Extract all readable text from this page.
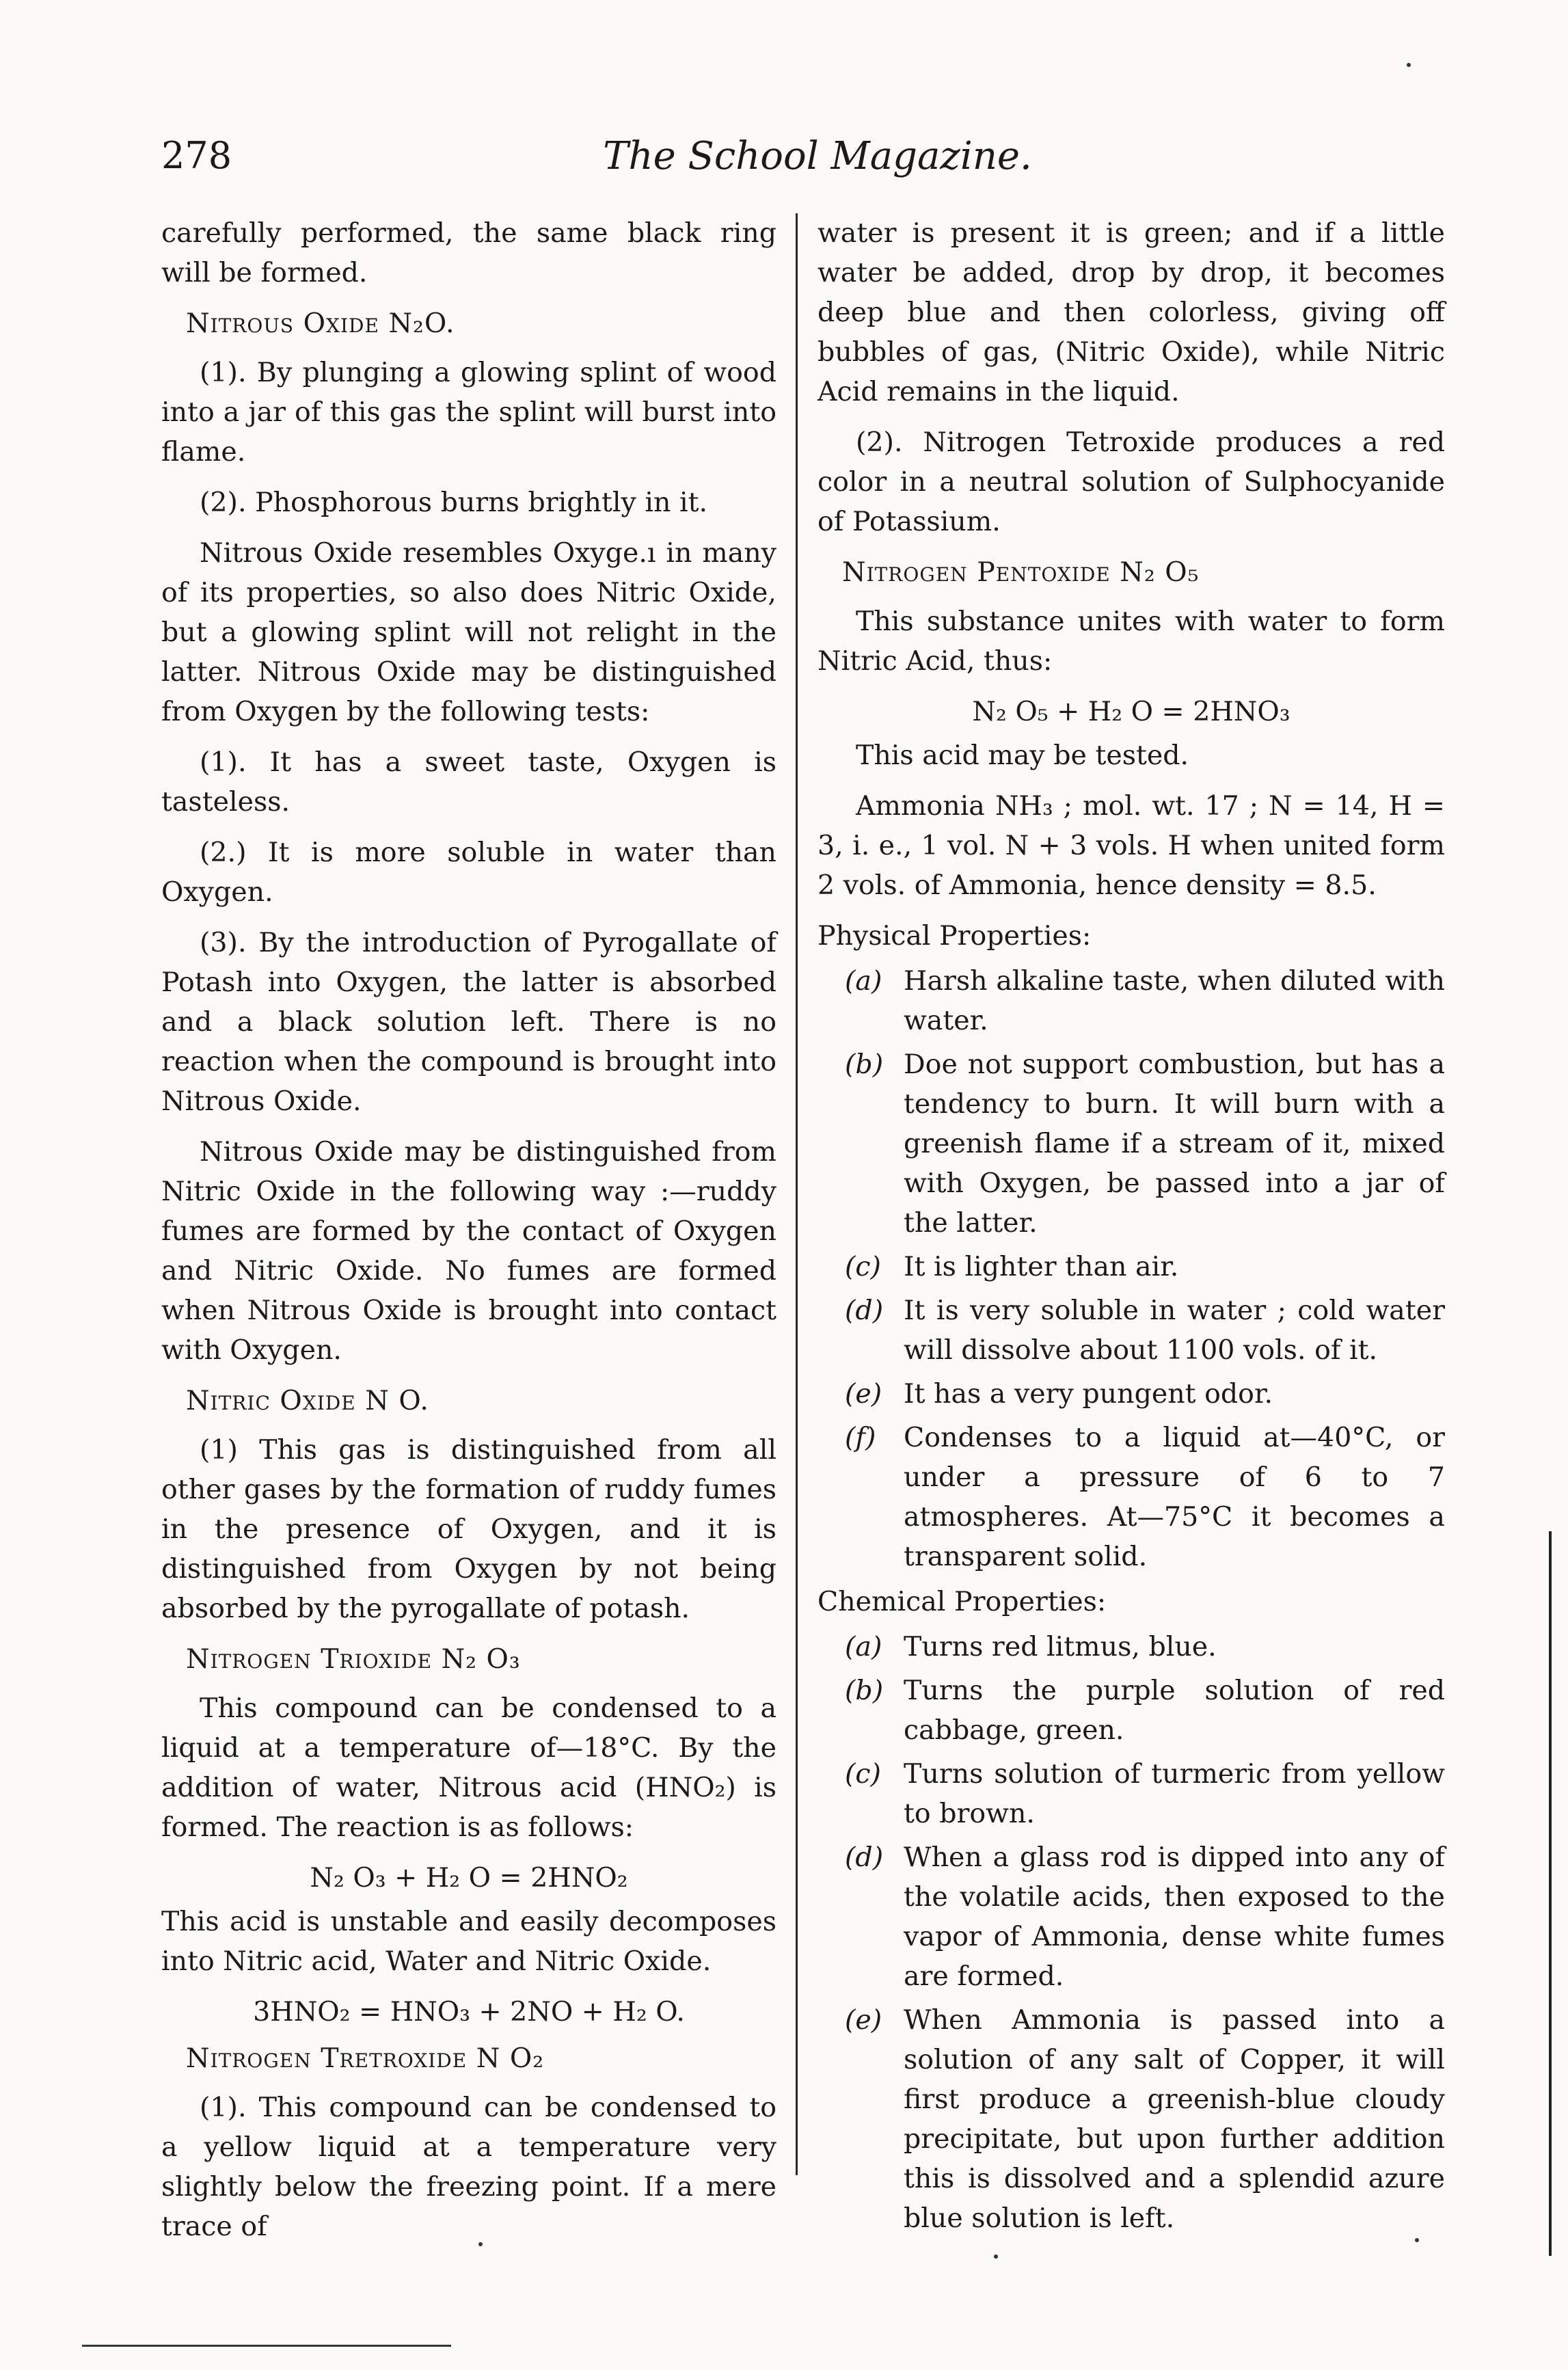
278	The School Magazine.

carefully performed, the same black ring will be formed.

Nitrous Oxide N₂O.

(1). By plunging a glowing splint of wood into a jar of this gas the splint will burst into flame.

(2). Phosphorous burns brightly in it.

Nitrous Oxide resembles Oxyge.ı in many of its properties, so also does Nitric Oxide, but a glowing splint will not relight in the latter. Nitrous Oxide may be distinguished from Oxygen by the following tests:

(1). It has a sweet taste, Oxygen is tasteless.

(2.) It is more soluble in water than Oxygen.

(3). By the introduction of Pyrogallate of Potash into Oxygen, the latter is absorbed and a black solution left. There is no reaction when the compound is brought into Nitrous Oxide.

Nitrous Oxide may be distinguished from Nitric Oxide in the following way :—ruddy fumes are formed by the contact of Oxygen and Nitric Oxide. No fumes are formed when Nitrous Oxide is brought into contact with Oxygen.

Nitric Oxide N O.

(1) This gas is distinguished from all other gases by the formation of ruddy fumes in the presence of Oxygen, and it is distinguished from Oxygen by not being absorbed by the pyrogallate of potash.

Nitrogen Trioxide N₂ O₃

This compound can be condensed to a liquid at a temperature of—18°C. By the addition of water, Nitrous acid (HNO₂) is formed. The reaction is as follows:

N₂ O₃ + H₂ O = 2HNO₂

This acid is unstable and easily decomposes into Nitric acid, Water and Nitric Oxide.

3HNO₂ = HNO₃ + 2NO + H₂ O.
Nitrogen Tretroxide N O₂

(1). This compound can be condensed to a yellow liquid at a temperature very slightly below the freezing point. If a mere trace of

water is present it is green; and if a little water be added, drop by drop, it becomes deep blue and then colorless, giving off bubbles of gas, (Nitric Oxide), while Nitric Acid remains in the liquid.

(2). Nitrogen Tetroxide produces a red color in a neutral solution of Sulphocyanide of Potassium.

Nitrogen Pentoxide N₂ O₅

This substance unites with water to form Nitric Acid, thus:

N₂ O₅ + H₂ O = 2HNO₃

This acid may be tested.

Ammonia NH₃ ; mol. wt. 17 ; N = 14, H = 3, i. e., 1 vol. N + 3 vols. H when united form 2 vols. of Ammonia, hence density = 8.5.

Physical Properties:
(a) Harsh alkaline taste, when diluted with water.
(b) Doe not support combustion, but has a tendency to burn. It will burn with a greenish flame if a stream of it, mixed with Oxygen, be passed into a jar of the latter.
(c) It is lighter than air.
(d) It is very soluble in water ; cold water will dissolve about 1100 vols. of it.
(e) It has a very pungent odor.
(f) Condenses to a liquid at—40°C, or under a pressure of 6 to 7 atmospheres. At—75°C it becomes a transparent solid.
Chemical Properties:
(a) Turns red litmus, blue.
(b) Turns the purple solution of red cabbage, green.
(c) Turns solution of turmeric from yellow to brown.
(d) When a glass rod is dipped into any of the volatile acids, then exposed to the vapor of Ammonia, dense white fumes are formed.
(e) When Ammonia is passed into a solution of any salt of Copper, it will first produce a greenish-blue cloudy precipitate, but upon further addition this is dissolved and a splendid azure blue solution is left.
